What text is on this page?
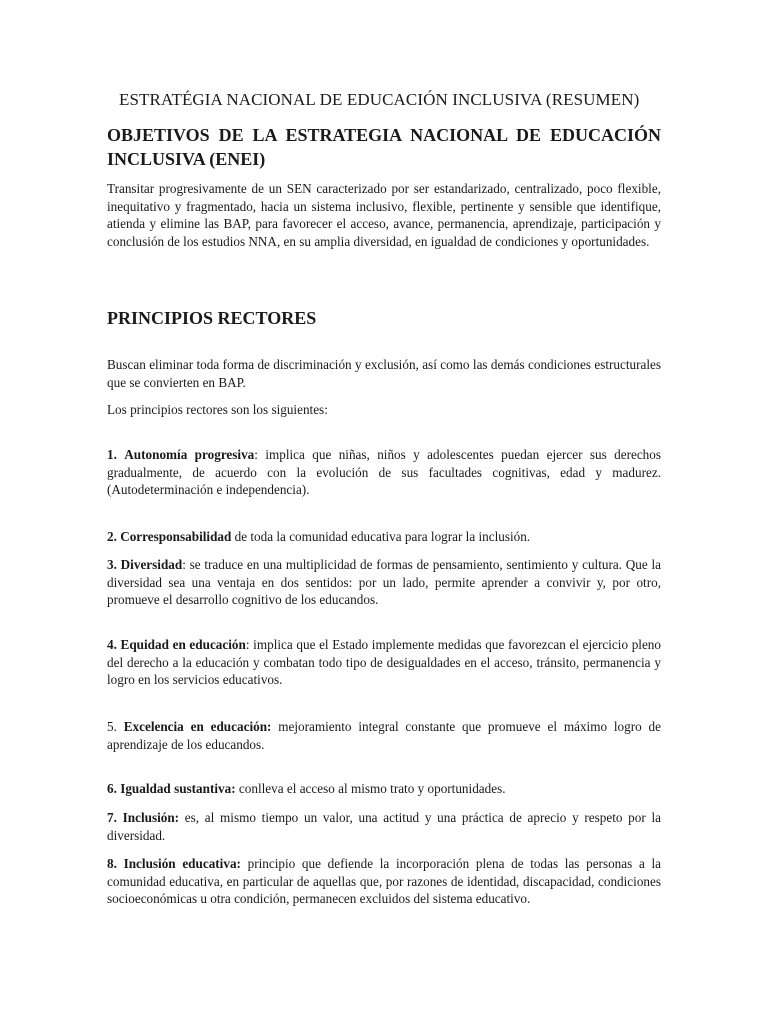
ESTRATÉGIA NACIONAL DE EDUCACIÓN INCLUSIVA (RESUMEN)
OBJETIVOS DE LA ESTRATEGIA NACIONAL DE EDUCACIÓN INCLUSIVA (ENEI)

Transitar progresivamente de un SEN caracterizado por ser estandarizado, centralizado, poco flexible, inequitativo y fragmentado, hacia un sistema inclusivo, flexible, pertinente y sensible que identifique, atienda y elimine las BAP, para favorecer el acceso, avance, permanencia, aprendizaje, participación y conclusión de los estudios NNA, en su amplia diversidad, en igualdad de condiciones y oportunidades.

PRINCIPIOS RECTORES

Buscan eliminar toda forma de discriminación y exclusión, así como las demás condiciones estructurales que se convierten en BAP.

Los principios rectores son los siguientes:

1. Autonomía progresiva: implica que niñas, niños y adolescentes puedan ejercer sus derechos gradualmente, de acuerdo con la evolución de sus facultades cognitivas, edad y madurez. (Autodeterminación e independencia).

2. Corresponsabilidad de toda la comunidad educativa para lograr la inclusión.

3. Diversidad: se traduce en una multiplicidad de formas de pensamiento, sentimiento y cultura. Que la diversidad sea una ventaja en dos sentidos: por un lado, permite aprender a convivir y, por otro, promueve el desarrollo cognitivo de los educandos.

4. Equidad en educación: implica que el Estado implemente medidas que favorezcan el ejercicio pleno del derecho a la educación y combatan todo tipo de desigualdades en el acceso, tránsito, permanencia y logro en los servicios educativos.

5. Excelencia en educación: mejoramiento integral constante que promueve el máximo logro de aprendizaje de los educandos.

6. Igualdad sustantiva: conlleva el acceso al mismo trato y oportunidades.

7. Inclusión: es, al mismo tiempo un valor, una actitud y una práctica de aprecio y respeto por la diversidad.

8. Inclusión educativa: principio que defiende la incorporación plena de todas las personas a la comunidad educativa, en particular de aquellas que, por razones de identidad, discapacidad, condiciones socioeconómicas u otra condición, permanecen excluidos del sistema educativo.
